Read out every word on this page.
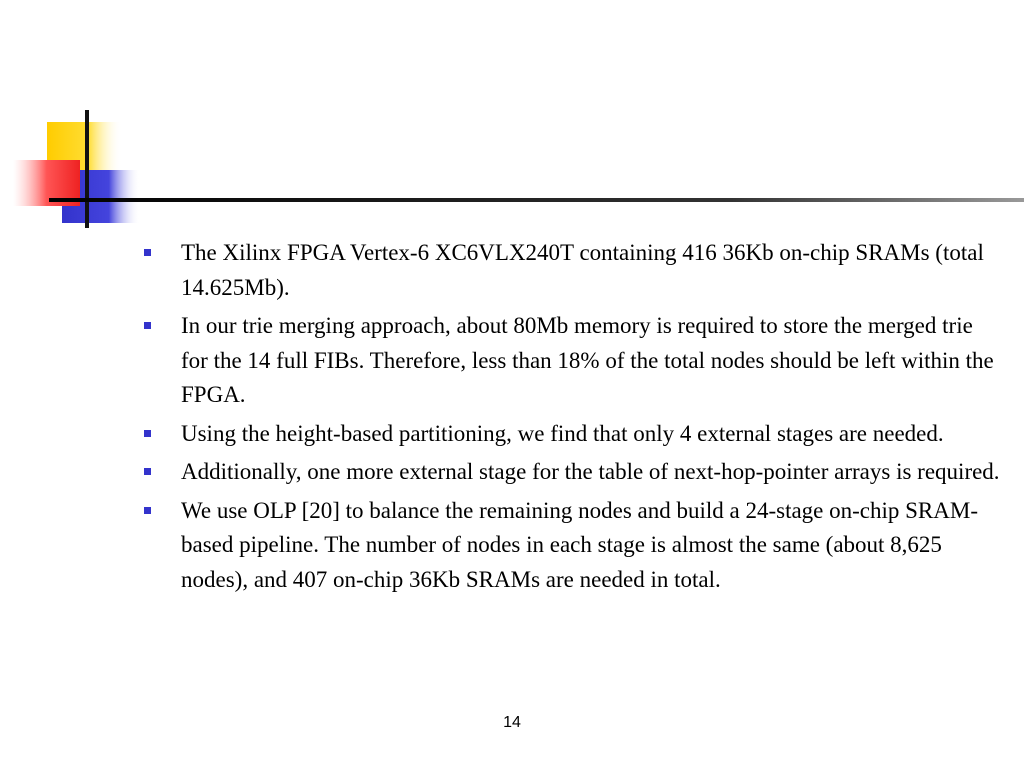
The Xilinx FPGA Vertex-6 XC6VLX240T containing 416 36Kb on-chip SRAMs (total 14.625Mb).
In our trie merging approach, about 80Mb memory is required to store the merged trie for the 14 full FIBs. Therefore, less than 18% of the total nodes should be left within the FPGA.
Using the height-based partitioning, we find that only 4 external stages are needed.
Additionally, one more external stage for the table of next-hop-pointer arrays is required.
We use OLP [20] to balance the remaining nodes and build a 24-stage on-chip SRAM-based pipeline. The number of nodes in each stage is almost the same (about 8,625 nodes), and 407 on-chip 36Kb SRAMs are needed in total.
14
